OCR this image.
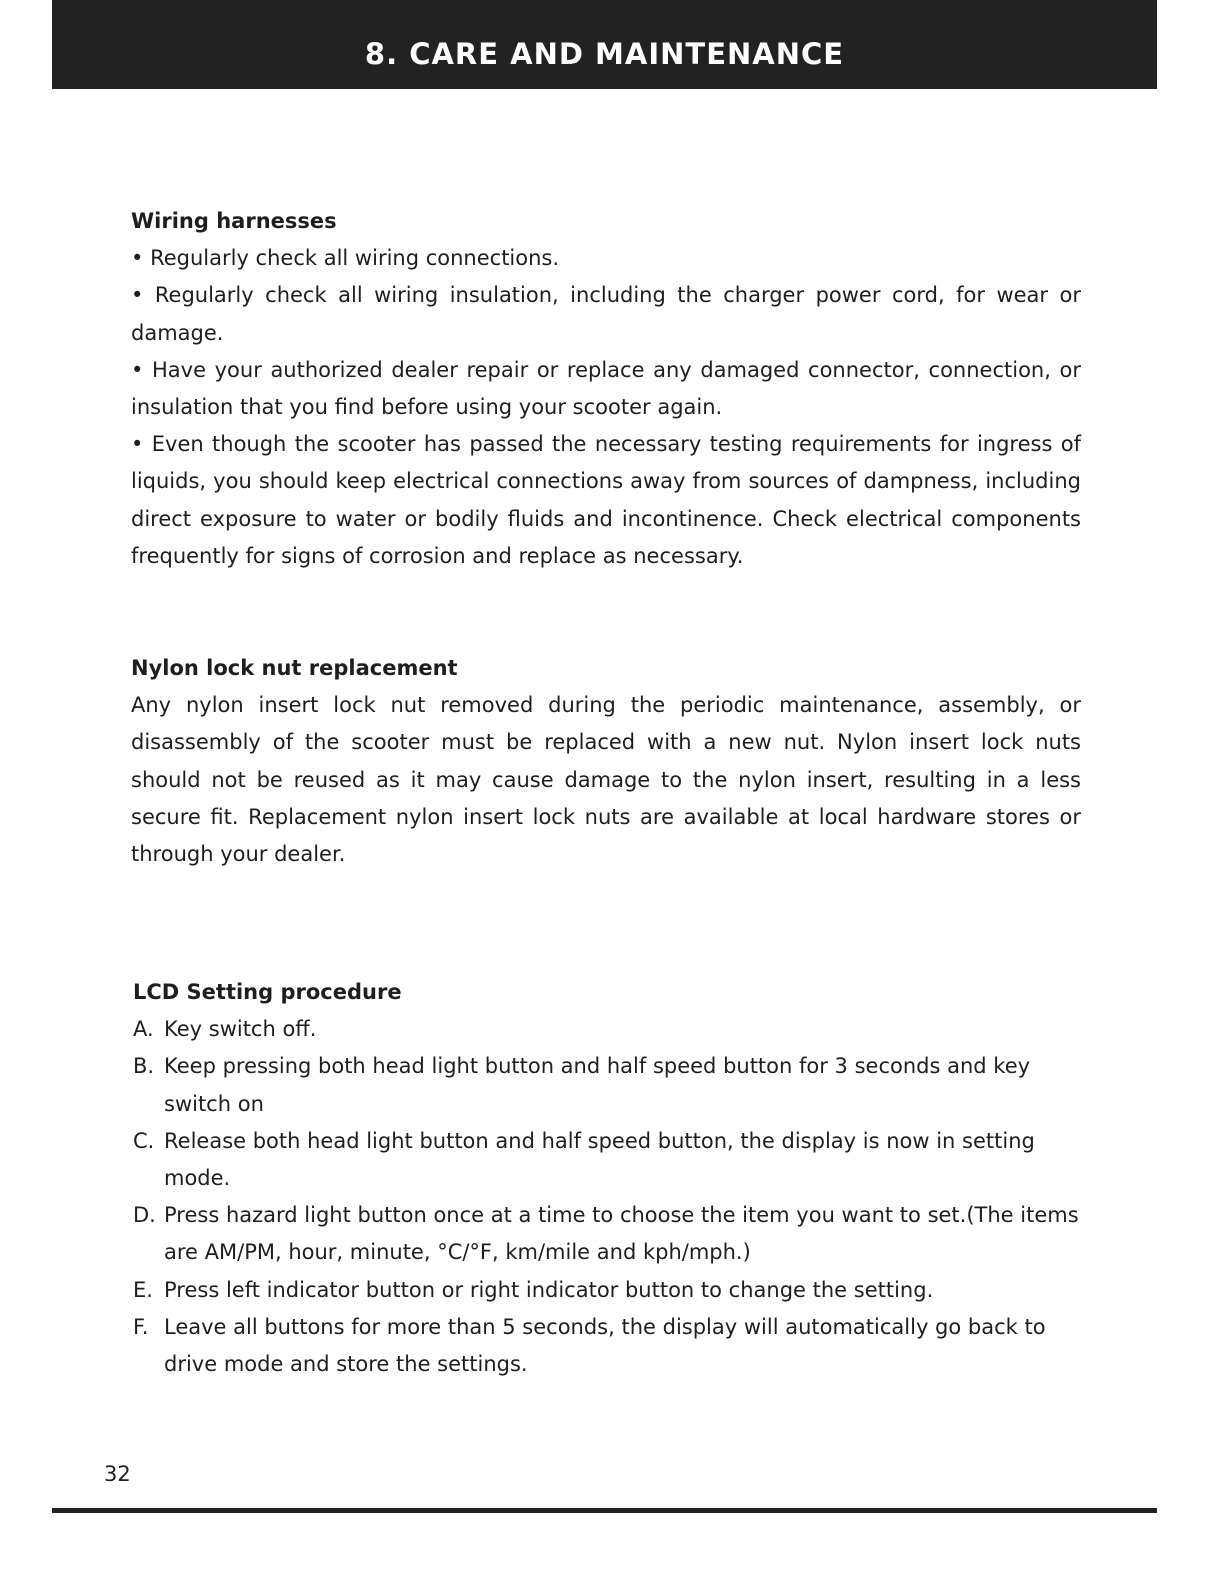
8. CARE AND MAINTENANCE
Wiring harnesses
• Regularly check all wiring connections.
• Regularly check all wiring insulation, including the charger power cord, for wear or damage.
• Have your authorized dealer repair or replace any damaged connector, connection, or insulation that you find before using your scooter again.
• Even though the scooter has passed the necessary testing requirements for ingress of liquids, you should keep electrical connections away from sources of dampness, including direct exposure to water or bodily fluids and incontinence. Check electrical components frequently for signs of corrosion and replace as necessary.
Nylon lock nut replacement
Any nylon insert lock nut removed during the periodic maintenance, assembly, or disassembly of the scooter must be replaced with a new nut. Nylon insert lock nuts should not be reused as it may cause damage to the nylon insert, resulting in a less secure fit. Replacement nylon insert lock nuts are available at local hardware stores or through your dealer.
LCD Setting procedure
A. Key switch off.
B. Keep pressing both head light button and half speed button for 3 seconds and key switch on
C. Release both head light button and half speed button, the display is now in setting mode.
D. Press hazard light button once at a time to choose the item you want to set.(The items are AM/PM, hour, minute, °C/°F, km/mile and kph/mph.)
E. Press left indicator button or right indicator button to change the setting.
F. Leave all buttons for more than 5 seconds, the display will automatically go back to drive mode and store the settings.
32
